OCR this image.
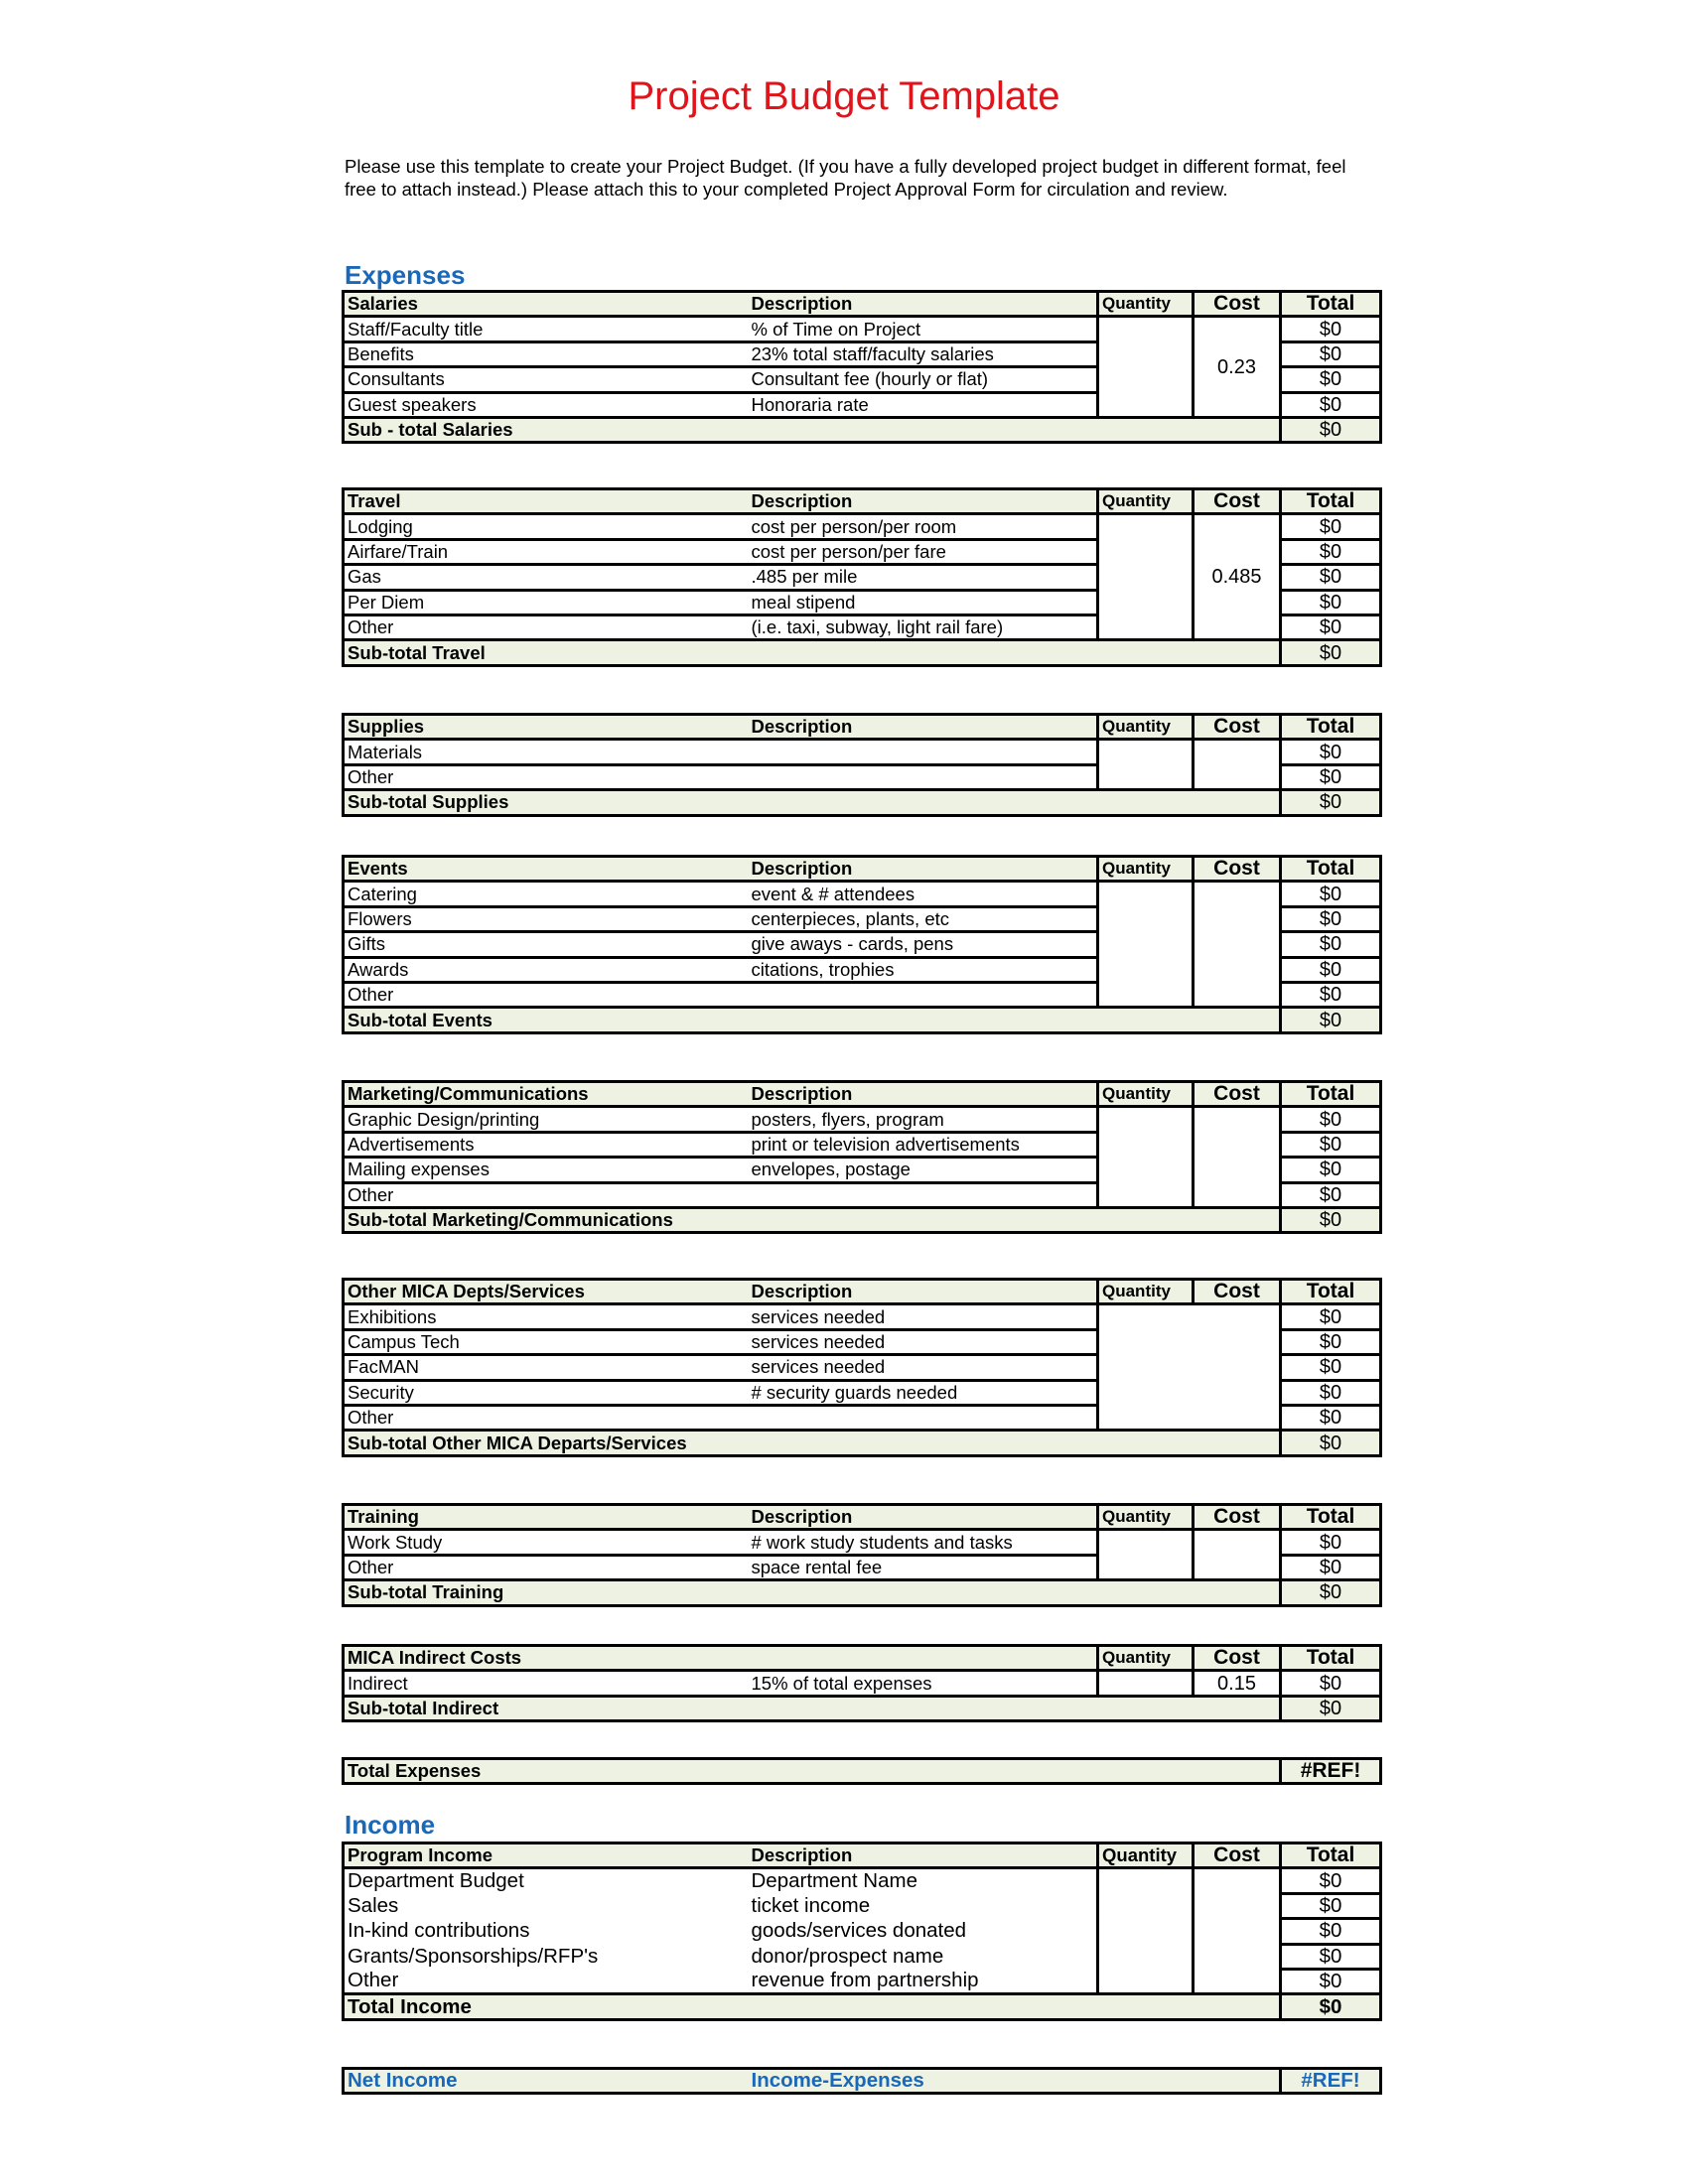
Project Budget Template
Please use this template to create your Project Budget. (If you have a fully developed project budget in different format, feel free to attach instead.) Please attach this to your completed Project Approval Form for circulation and review.
Expenses
Salaries	Description	Quantity	Cost	Total
Staff/Faculty title	% of Time on Project		0.23	$0
Benefits	23% total staff/faculty salaries			$0
Consultants	Consultant fee (hourly or flat)			$0
Guest speakers	Honoraria rate			$0
Sub - total Salaries				$0
Travel	Description	Quantity	Cost	Total
Lodging	cost per person/per room		0.485	$0
Airfare/Train	cost per person/per fare			$0
Gas	.485 per mile			$0
Per Diem	meal stipend			$0
Other	(i.e. taxi, subway, light rail fare)			$0
Sub-total Travel				$0
Supplies	Description	Quantity	Cost	Total
Materials				$0
Other				$0
Sub-total Supplies				$0
Events	Description	Quantity	Cost	Total
Catering	event & # attendees			$0
Flowers	centerpieces, plants, etc			$0
Gifts	give aways - cards, pens			$0
Awards	citations, trophies			$0
Other				$0
Sub-total Events				$0
Marketing/Communications	Description	Quantity	Cost	Total
Graphic Design/printing	posters, flyers, program			$0
Advertisements	print or television advertisements			$0
Mailing expenses	envelopes, postage			$0
Other				$0
Sub-total Marketing/Communications				$0
Other MICA Depts/Services	Description	Quantity	Cost	Total
Exhibitions	services needed			$0
Campus Tech	services needed			$0
FacMAN	services needed			$0
Security	# security guards needed			$0
Other				$0
Sub-total Other MICA Departs/Services				$0
Training	Description	Quantity	Cost	Total
Work Study	# work study students and tasks			$0
Other	space rental fee			$0
Sub-total Training				$0
MICA Indirect Costs		Quantity	Cost	Total
Indirect	15% of total expenses		0.15	$0
Sub-total Indirect				$0
Total Expenses	#REF!
Income
Program Income	Description	Quantity	Cost	Total
Department Budget	Department Name			$0
Sales	ticket income			$0
In-kind contributions	goods/services donated			$0
Grants/Sponsorships/RFP's	donor/prospect name			$0
Other	revenue from partnership			$0
Total Income				$0
Net Income	Income-Expenses	#REF!
